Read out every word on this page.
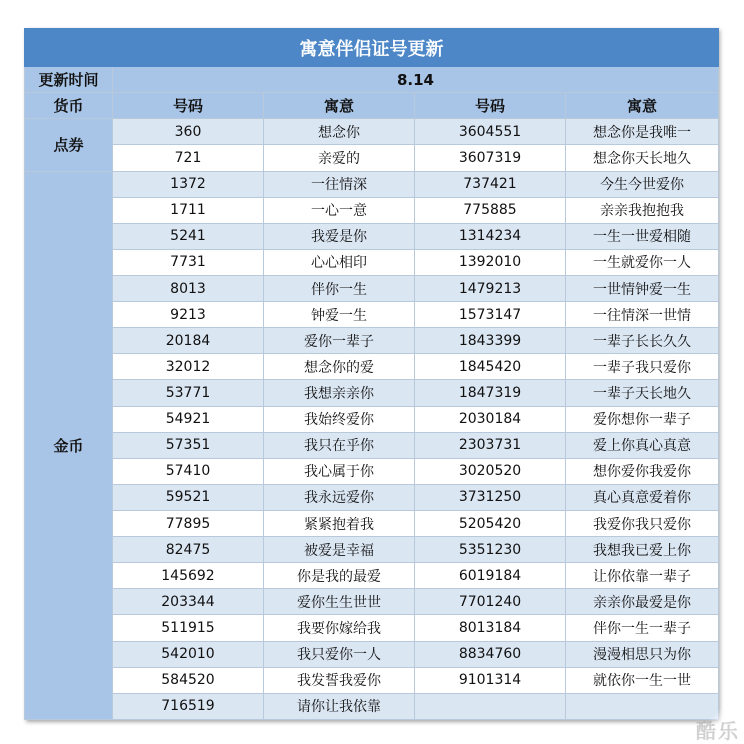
寓意伴侣证号更新				
更新时间	8.14			
货币	号码	寓意	号码	寓意
点券	360	想念你	3604551	想念你是我唯一
	721	亲爱的	3607319	想念你天长地久
金币	1372	一往情深	737421	今生今世爱你
	1711	一心一意	775885	亲亲我抱抱我
	5241	我爱是你	1314234	一生一世爱相随
	7731	心心相印	1392010	一生就爱你一人
	8013	伴你一生	1479213	一世情钟爱一生
	9213	钟爱一生	1573147	一往情深一世情
	20184	爱你一辈子	1843399	一辈子长长久久
	32012	想念你的爱	1845420	一辈子我只爱你
	53771	我想亲亲你	1847319	一辈子天长地久
	54921	我始终爱你	2030184	爱你想你一辈子
	57351	我只在乎你	2303731	爱上你真心真意
	57410	我心属于你	3020520	想你爱你我爱你
	59521	我永远爱你	3731250	真心真意爱着你
	77895	紧紧抱着我	5205420	我爱你我只爱你
	82475	被爱是幸福	5351230	我想我已爱上你
	145692	你是我的最爱	6019184	让你依靠一辈子
	203344	爱你生生世世	7701240	亲亲你最爱是你
	511915	我要你嫁给我	8013184	伴你一生一辈子
	542010	我只爱你一人	8834760	漫漫相思只为你
	584520	我发誓我爱你	9101314	就依你一生一世
	716519	请你让我依靠		
酷乐
